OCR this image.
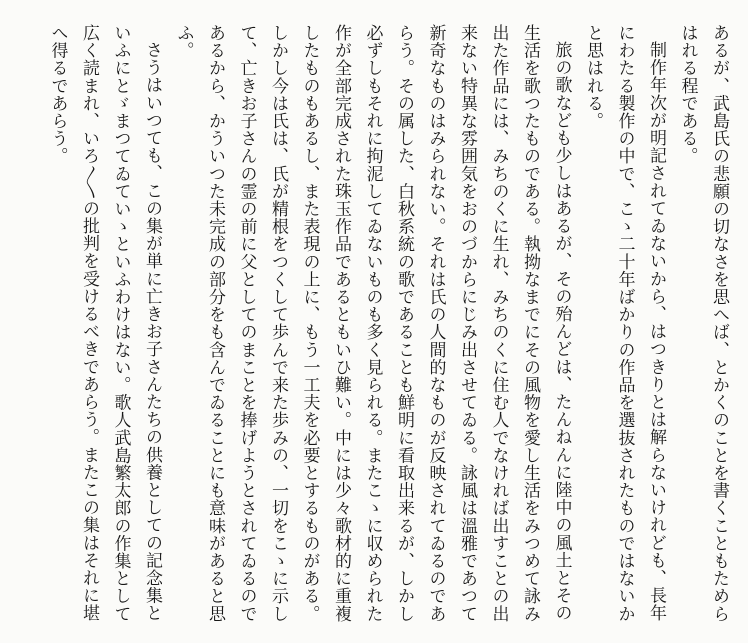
あるが、武島氏の悲願の切なさを思へば、とかくのことを書くこともためら
はれる程である。
制作年次が明記されてゐないから、はつきりとは解らないけれども、長年
にわたる製作の中で、こゝ二十年ばかりの作品を選抜されたものではないか
と思はれる。
旅の歌なども少しはあるが、その殆んどは、たんねんに陸中の風土とその
生活を歌つたものである。執拗なまでにその風物を愛し生活をみつめて詠み
出た作品には、みちのくに生れ、みちのくに住む人でなければ出すことの出
来ない特異な雰囲気をおのづからにじみ出させてゐる。詠風は溫雅であつて
新奇なものはみられない。それは氏の人間的なものが反映されてゐるのであ
らう。その属した、白秋系統の歌であることも鮮明に看取出来るが、しかし
必ずしもそれに拘泥してゐないものも多く見られる。またこゝに収められた
作が全部完成された珠玉作品であるともいひ難い。中には少々歌材的に重複
したものもあるし、また表現の上に、もう一工夫を必要とするものがある。
しかし今は氏は、氏が精根をつくして歩んで来た歩みの、一切をこゝに示し
て、亡きお子さんの霊の前に父としてのまことを捧げようとされてゐるので
あるから、かういつた未完成の部分をも含んでゐることにも意味があると思
ふ。
さうはいつても、この集が単に亡きお子さんたちの供養としての記念集と
いふにとゞまつてゐていゝといふわけはない。歌人武島繁太郎の作集として
広く読まれ、いろ〳〵の批判を受けるべきであらう。またこの集はそれに堪
へ得るであらう。
